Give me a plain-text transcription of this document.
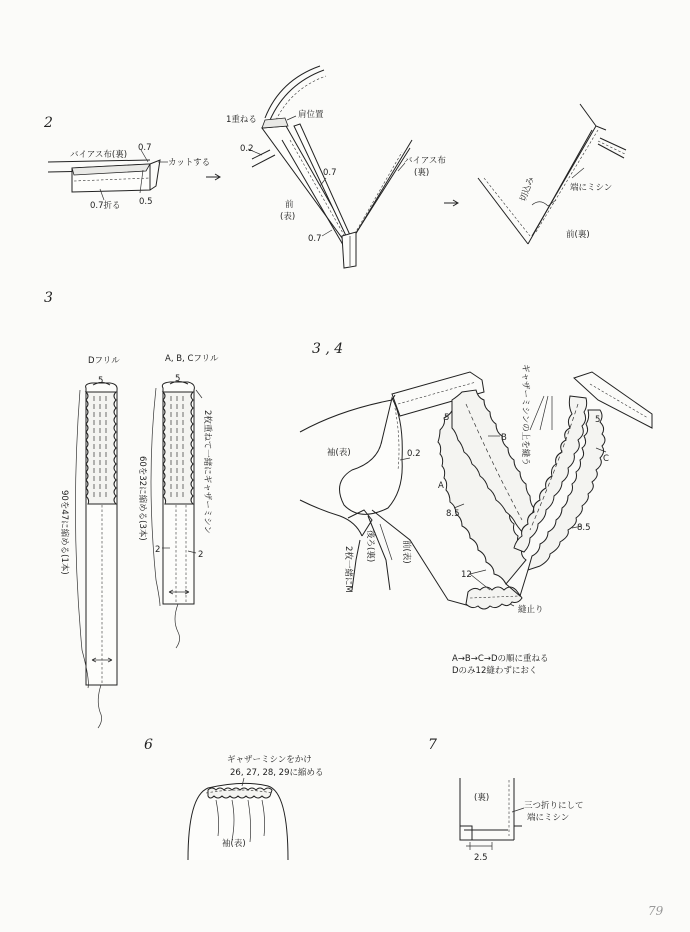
2
バイアス布(裏)
0.7
カットする
0.7折る 0.5
1重ねる	肩位置
0.2
0.7
バイアス布
(裏)
前
(表)
0.7
切込み	端にミシン
前(裏)
3
Dフリル	A, B, Cフリル
5
90を47に縮める(1本)
5
60を32に縮める(3本)	2枚重ねて一緒にギャザーミシン
2	2
3 , 4
ギャザーミシンの上を縫う
B
C
A
5	5
8.5
8.5
12
0.2
袖(表)
後ろ(裏)
2枚一緒にM	前(表)
縫止り
A→B→C→Dの順に重ねる
Dのみ12縫わずにおく
6
ギャザーミシンをかけ
26, 27, 28, 29に縮める
袖(表)
7
(裏)
三つ折りにして
端にミシン
2.5
79
